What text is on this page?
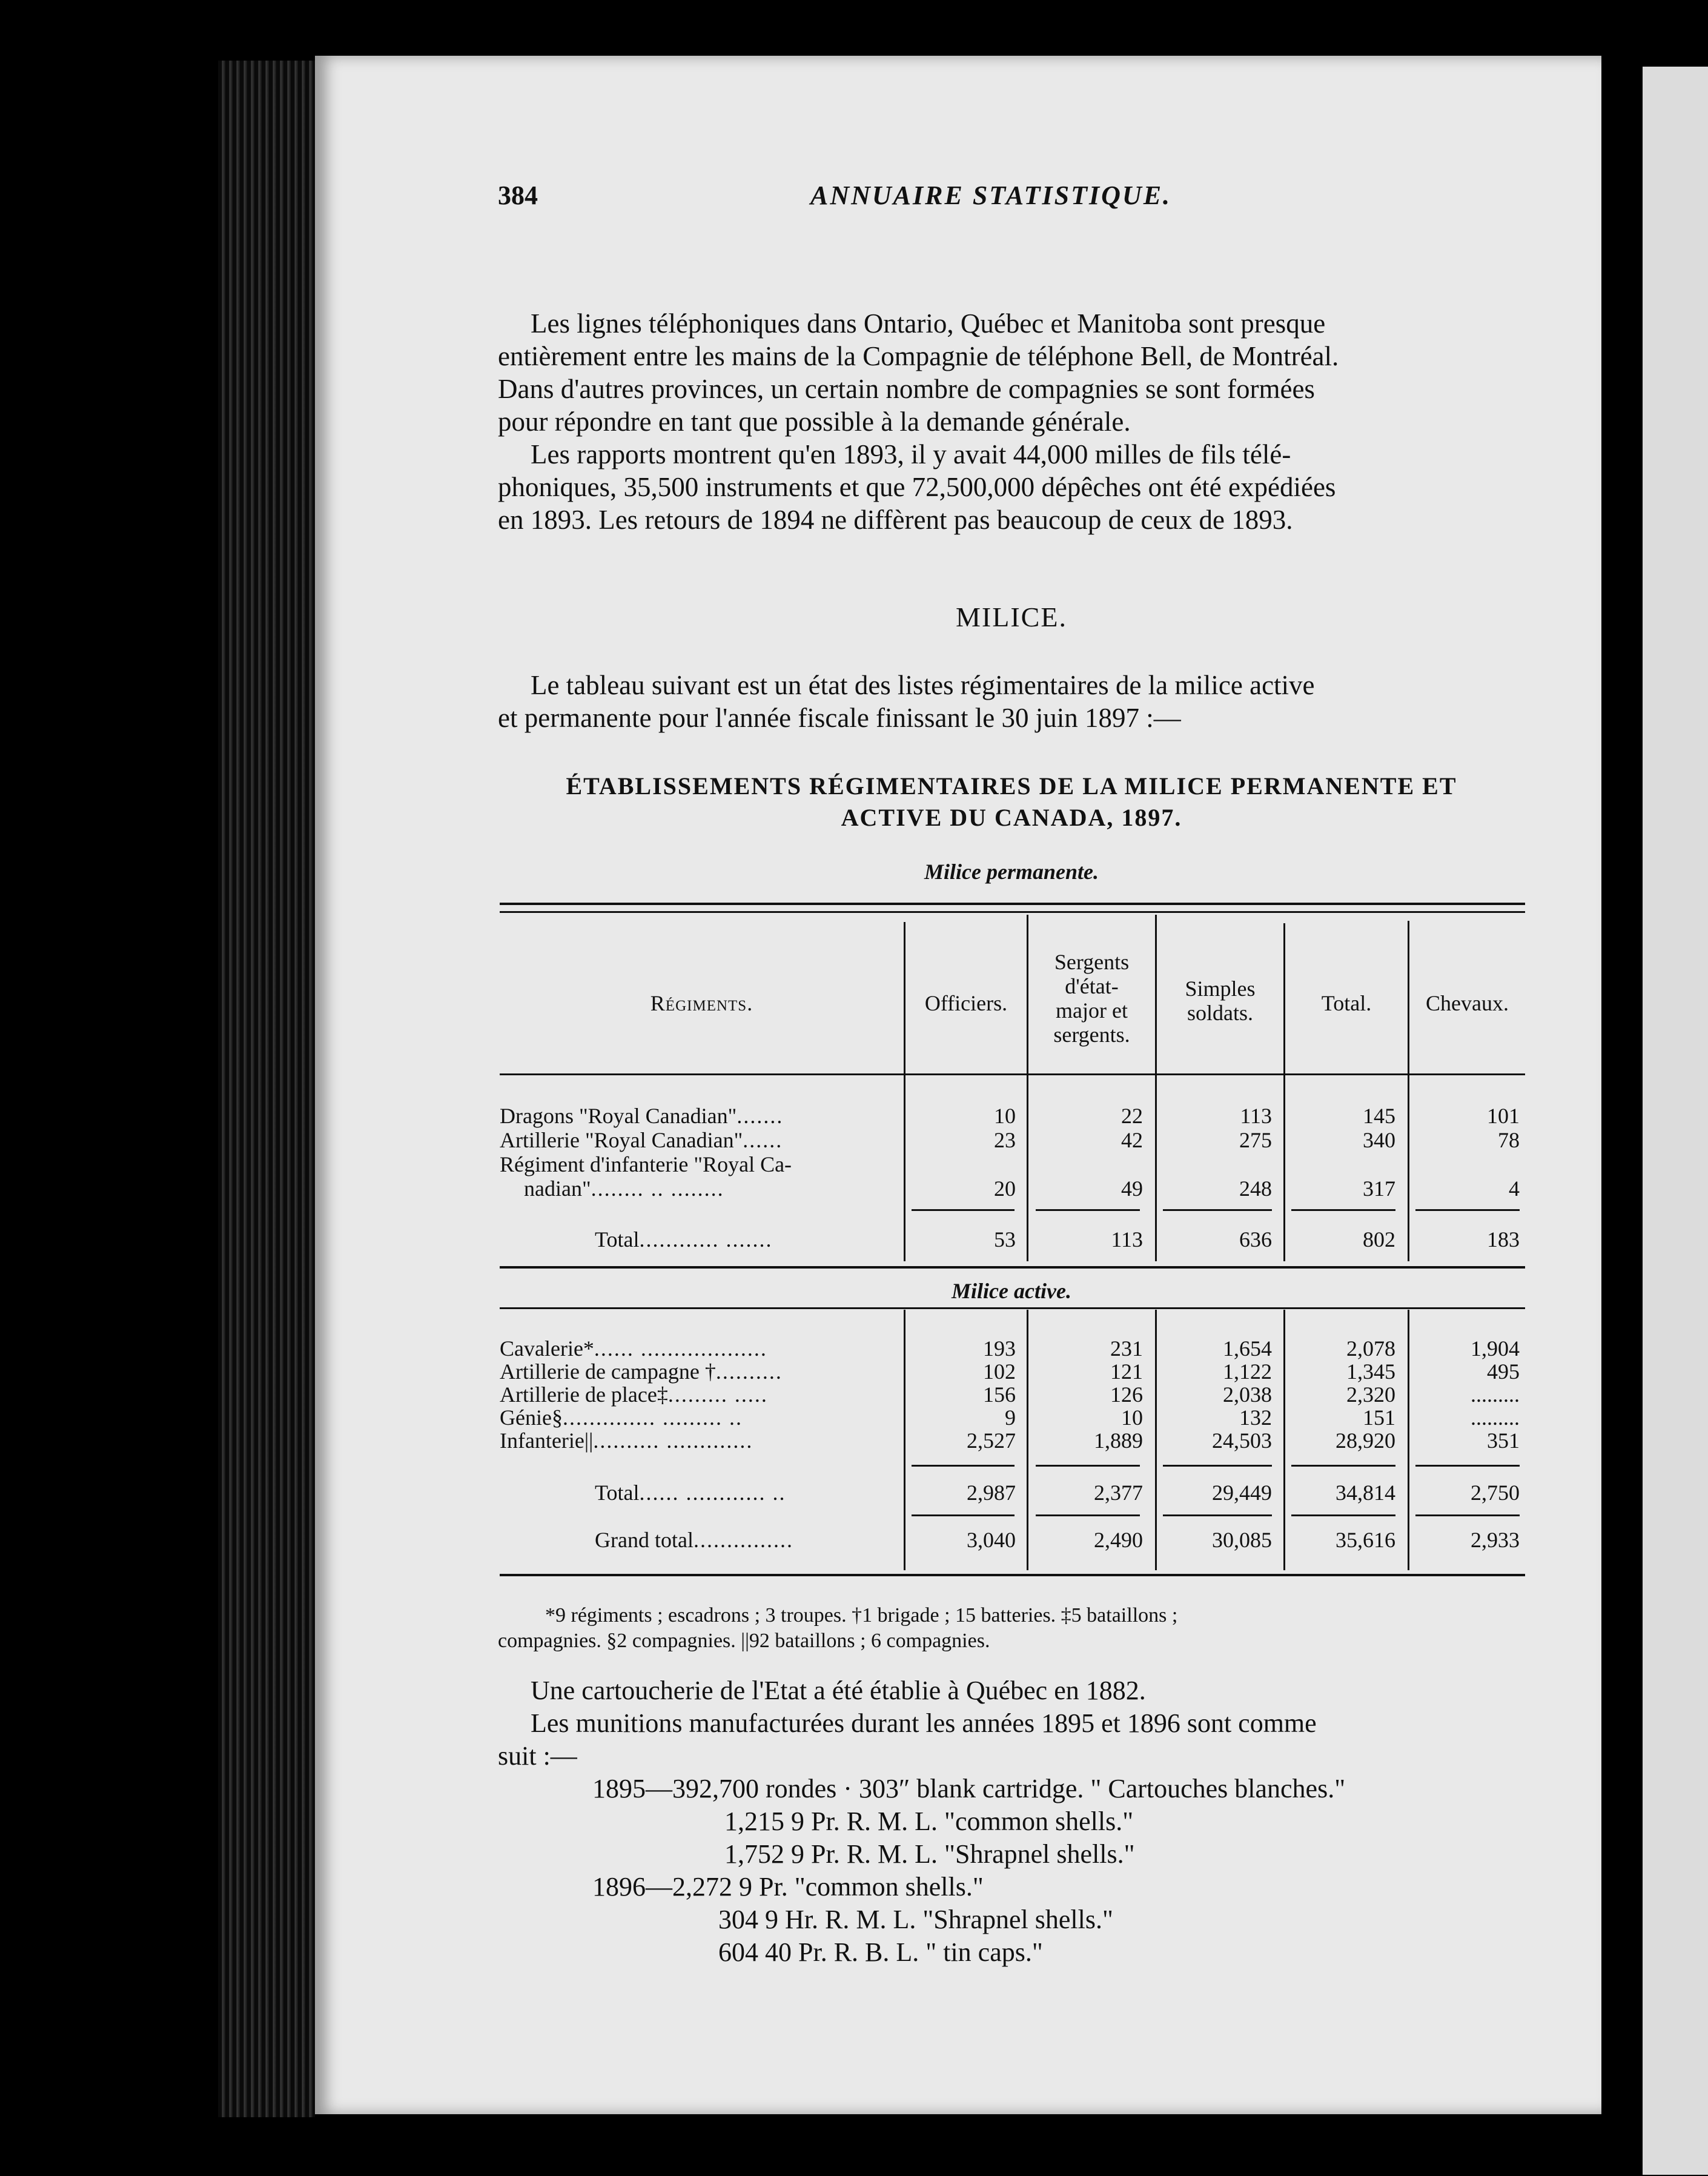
384	ANNUAIRE STATISTIQUE.
Les lignes téléphoniques dans Ontario, Québec et Manitoba sont presque
entièrement entre les mains de la Compagnie de téléphone Bell, de Montréal.
Dans d'autres provinces, un certain nombre de compagnies se sont formées
pour répondre en tant que possible à la demande générale.
Les rapports montrent qu'en 1893, il y avait 44,000 milles de fils télé-
phoniques, 35,500 instruments et que 72,500,000 dépêches ont été expédiées
en 1893. Les retours de 1894 ne diffèrent pas beaucoup de ceux de 1893.
MILICE.
Le tableau suivant est un état des listes régimentaires de la milice active
et permanente pour l'année fiscale finissant le 30 juin 1897 :—
ÉTABLISSEMENTS RÉGIMENTAIRES DE LA MILICE PERMANENTE ET
ACTIVE DU CANADA, 1897.
Milice permanente.
Régiments.	Officiers.
Sergents
d'état-
major et
sergents.
Simples
soldats.	Total.	Chevaux.
Dragons "Royal Canadian".......	10	22	113	145	101
Artillerie "Royal Canadian"......	23	42	275	340	78
Régiment d'infanterie "Royal Ca-
nadian"........ .. ........	20	49	248	317	4
Total............ .......	53	113	636	802	183
Milice active.
Cavalerie*...... ...................	193	231	1,654	2,078	1,904
Artillerie de campagne †..........	102	121	1,122	1,345	495
Artillerie de place‡......... .....	156	126	2,038	2,320	.........
Génie§.............. ......... ..	9	10	132	151	.........
Infanterie||.......... .............	2,527	1,889	24,503	28,920	351
Total...... ............ ..	2,987	2,377	29,449	34,814	2,750
Grand total...............	3,040	2,490	30,085	35,616	2,933
*9 régiments ; escadrons ; 3 troupes. †1 brigade ; 15 batteries. ‡5 bataillons ;
compagnies. §2 compagnies. ||92 bataillons ; 6 compagnies.
Une cartoucherie de l'Etat a été établie à Québec en 1882.
Les munitions manufacturées durant les années 1895 et 1896 sont comme
suit :—
1895—392,700 rondes · 303″ blank cartridge. " Cartouches blanches."
1,215 9 Pr. R. M. L. "common shells."
1,752 9 Pr. R. M. L. "Shrapnel shells."
1896—2,272 9 Pr. "common shells."
304 9 Hr. R. M. L. "Shrapnel shells."
604 40 Pr. R. B. L. " tin caps."
